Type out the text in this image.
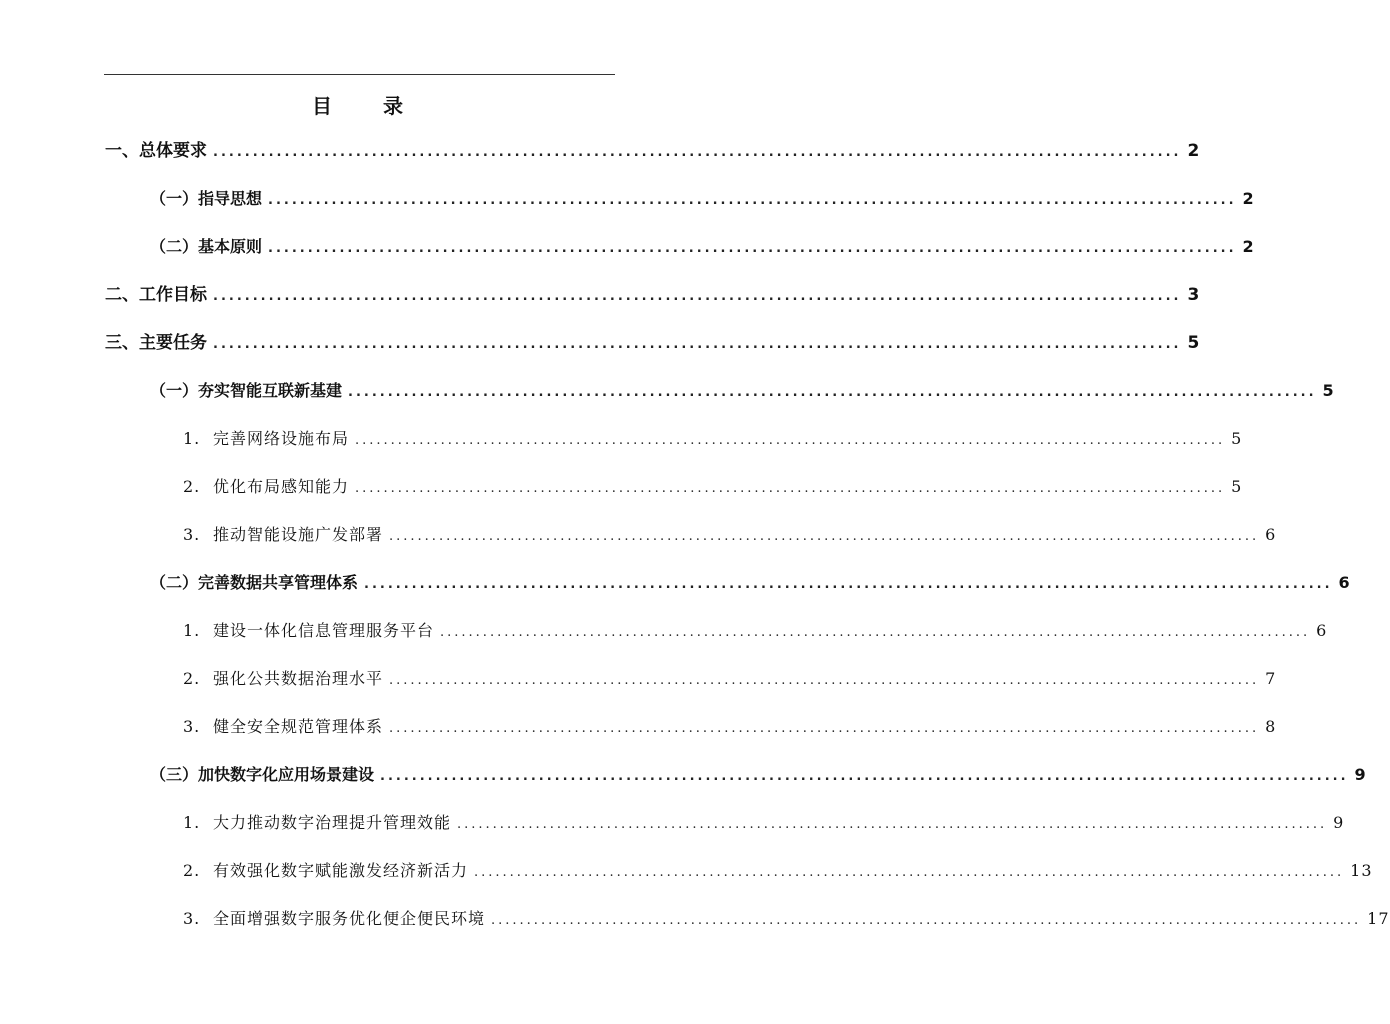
目 录
一、总体要求 .......................................................................................................................... 2
（一）指导思想 .......................................................................................................................... 2
（二）基本原则 .......................................................................................................................... 2
二、工作目标 .......................................................................................................................... 3
三、主要任务 .......................................................................................................................... 5
（一）夯实智能互联新基建 .......................................................................................................................... 5
1. 完善网络设施布局 .......................................................................................................................... 5
2. 优化布局感知能力 .......................................................................................................................... 5
3. 推动智能设施广发部署 .......................................................................................................................... 6
（二）完善数据共享管理体系 .......................................................................................................................... 6
1. 建设一体化信息管理服务平台 .......................................................................................................................... 6
2. 强化公共数据治理水平 .......................................................................................................................... 7
3. 健全安全规范管理体系 .......................................................................................................................... 8
（三）加快数字化应用场景建设 .......................................................................................................................... 9
1. 大力推动数字治理提升管理效能 .......................................................................................................................... 9
2. 有效强化数字赋能激发经济新活力 .......................................................................................................................... 13
3. 全面增强数字服务优化便企便民环境 .......................................................................................................................... 17
